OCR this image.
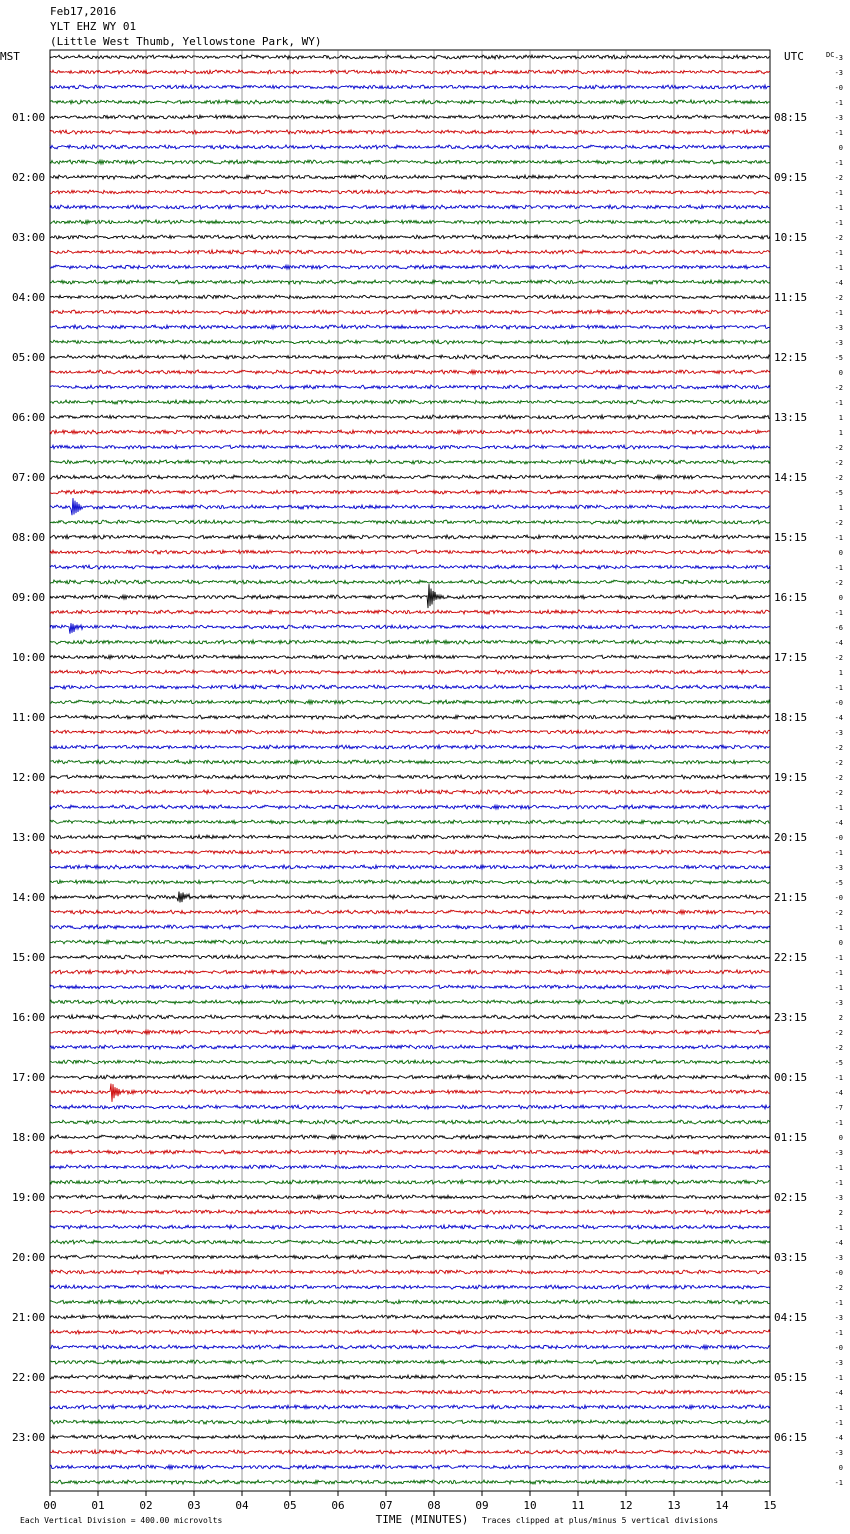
Feb17,2016
YLT EHZ WY 01
(Little West Thumb, Yellowstone Park, WY)
-3
-3
-0
-1
-3
-1
0
-1
-2
-1
-1
-1
-2
-1
-1
-4
-2
-1
-3
-3
-5
0
-2
-1
1
1
-2
-2
-2
-5
1
-2
-1
0
-1
-2
0
-1
-6
-4
-2
1
-1
-0
-4
-3
-2
-2
-2
-2
-1
-4
-0
-1
-3
-5
-0
-2
-1
0
-1
-1
-1
-3
2
-2
-2
-5
-1
-4
-7
-1
0
-3
-1
-1
-3
2
-1
-4
-3
-0
-2
-1
-3
-1
-0
-3
-1
-4
-1
-1
-4
-3
0
-1
MST	UTC	DC
01:00
02:00
03:00
04:00
05:00
06:00
07:00
08:00
09:00
10:00
11:00
12:00
13:00
14:00
15:00
16:00
17:00
18:00
19:00
20:00
21:00
22:00
23:00
08:15
09:15
10:15
11:15
12:15
13:15
14:15
15:15
16:15
17:15
18:15
19:15
20:15
21:15
22:15
23:15
00:15
01:15
02:15
03:15
04:15
05:15
06:15
00	01	02	03	04	05	06	07	08	09	10	11	12	13	14	15
TIME (MINUTES)
Each Vertical Division = 400.00 microvolts	Traces clipped at plus/minus 5 vertical divisions
